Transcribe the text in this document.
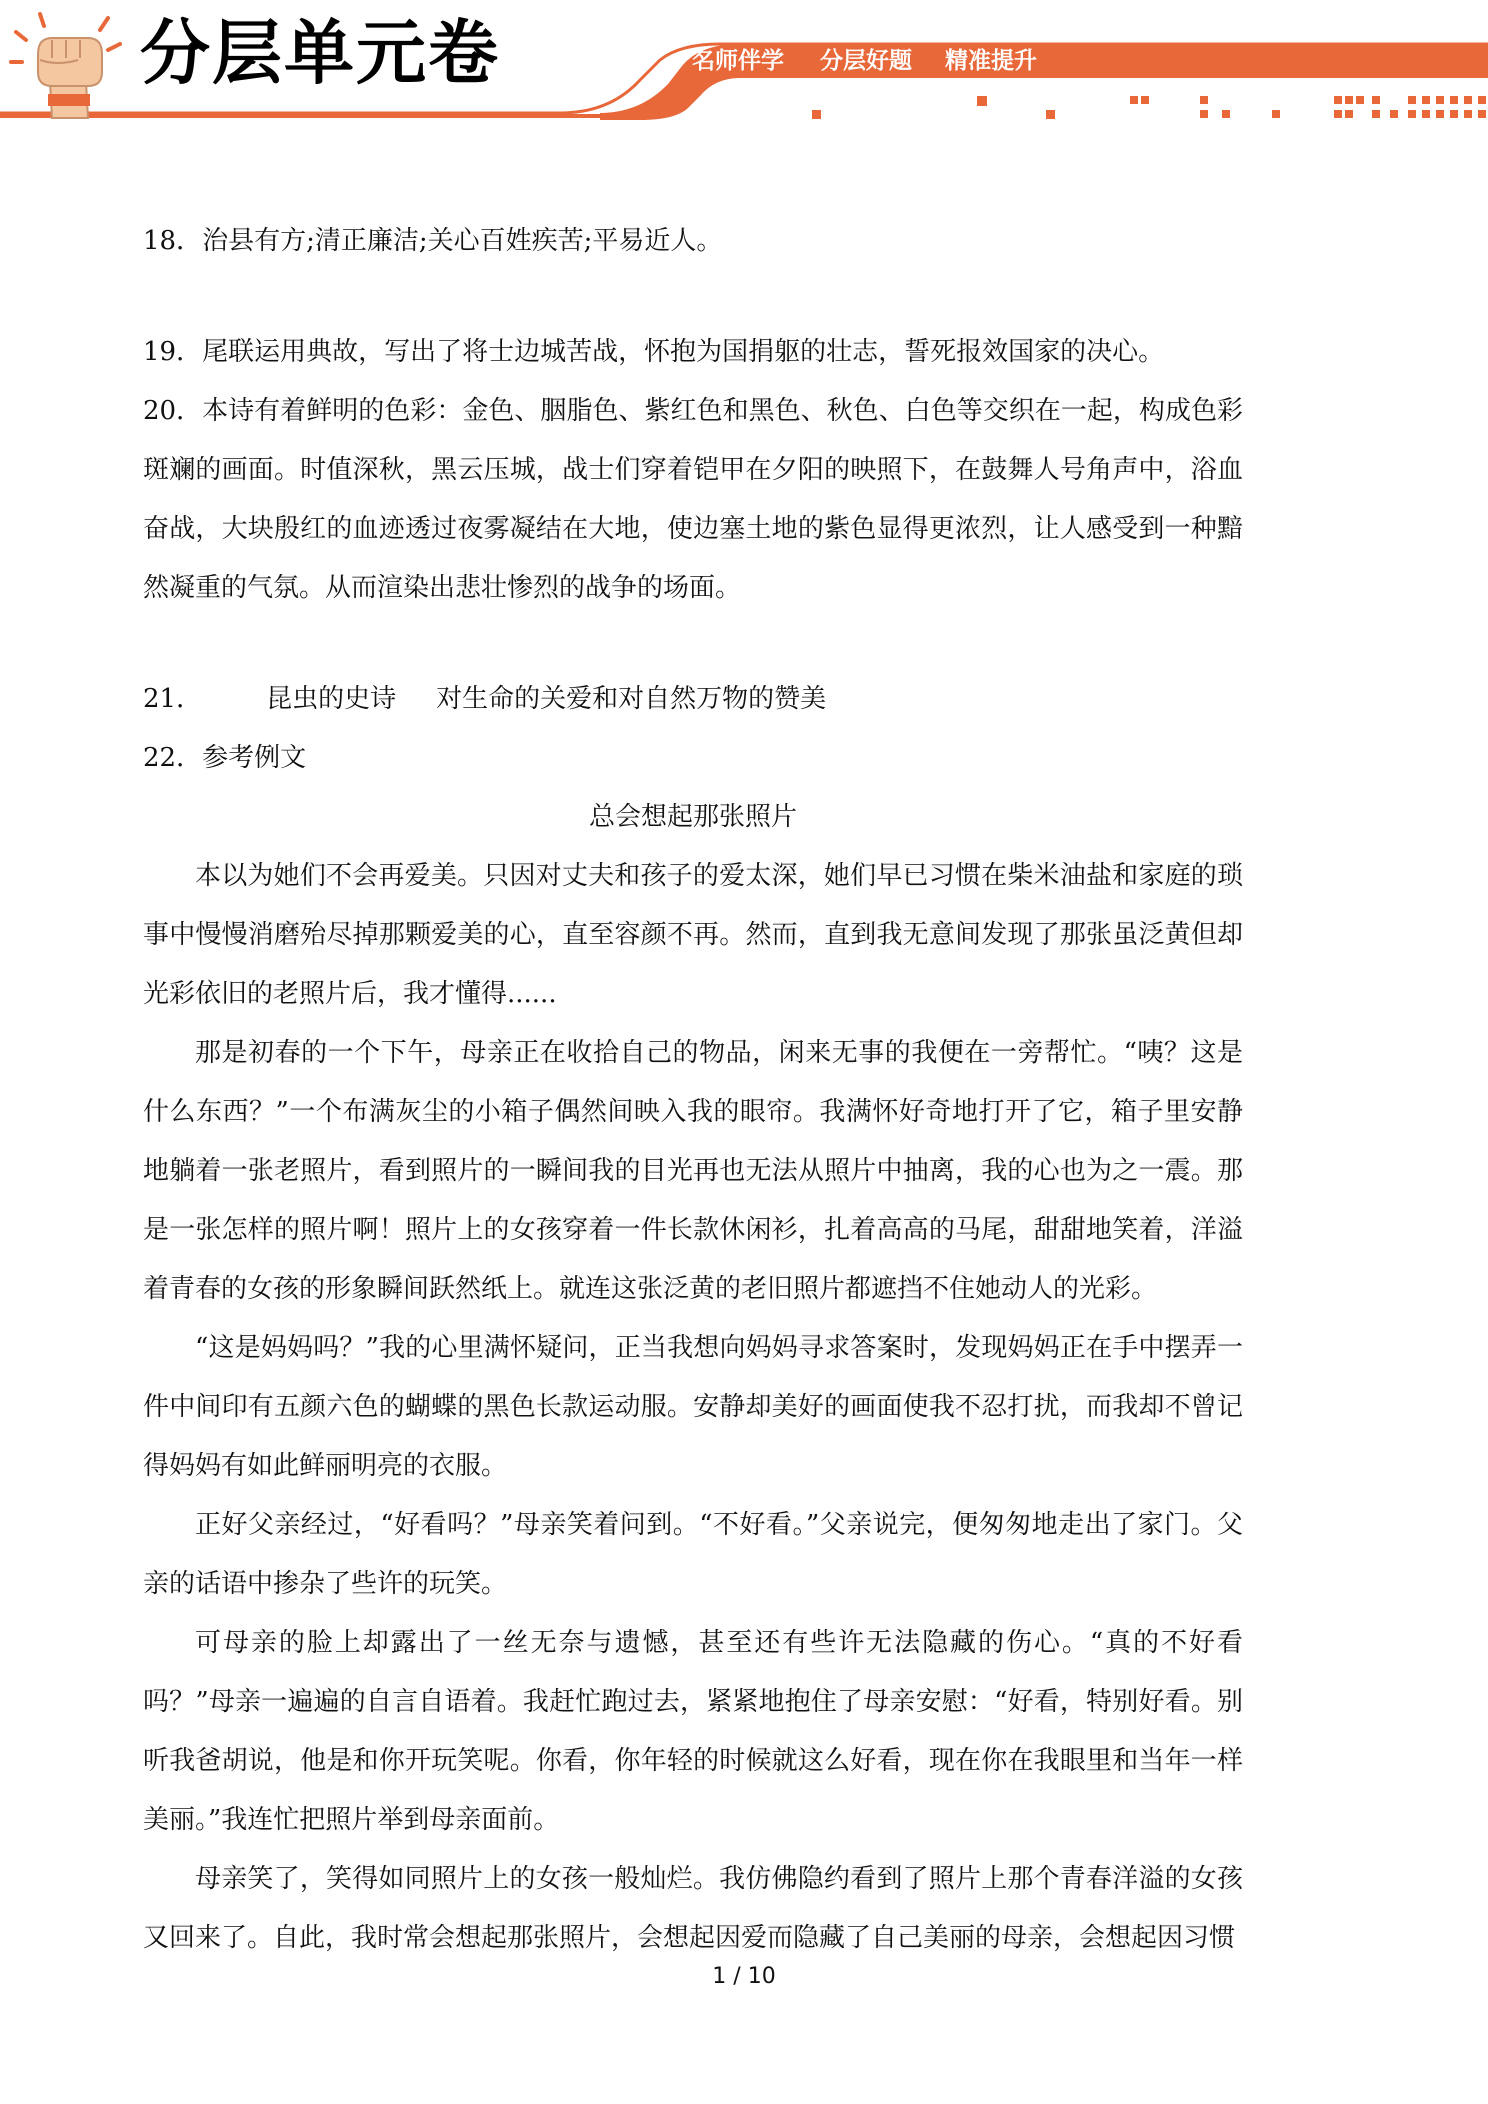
分层单元卷	名师伴学 分层好题 精准提升

18．治县有方;清正廉洁;关心百姓疾苦;平易近人。

19．尾联运用典故，写出了将士边城苦战，怀抱为国捐躯的壮志，誓死报效国家的决心。

20．本诗有着鲜明的色彩：金色、胭脂色、紫红色和黑色、秋色、白色等交织在一起，构成色彩斑斓的画面。时值深秋，黑云压城，战士们穿着铠甲在夕阳的映照下，在鼓舞人号角声中，浴血奋战，大块殷红的血迹透过夜雾凝结在大地，使边塞土地的紫色显得更浓烈，让人感受到一种黯然凝重的气氛。从而渲染出悲壮惨烈的战争的场面。

21． 昆虫的史诗 对生命的关爱和对自然万物的赞美

22．参考例文

总会想起那张照片

本以为她们不会再爱美。只因对丈夫和孩子的爱太深，她们早已习惯在柴米油盐和家庭的琐事中慢慢消磨殆尽掉那颗爱美的心，直至容颜不再。然而，直到我无意间发现了那张虽泛黄但却光彩依旧的老照片后，我才懂得......

那是初春的一个下午，母亲正在收拾自己的物品，闲来无事的我便在一旁帮忙。“咦？这是什么东西？”一个布满灰尘的小箱子偶然间映入我的眼帘。我满怀好奇地打开了它，箱子里安静地躺着一张老照片，看到照片的一瞬间我的目光再也无法从照片中抽离，我的心也为之一震。那是一张怎样的照片啊！照片上的女孩穿着一件长款休闲衫，扎着高高的马尾，甜甜地笑着，洋溢着青春的女孩的形象瞬间跃然纸上。就连这张泛黄的老旧照片都遮挡不住她动人的光彩。

“这是妈妈吗？”我的心里满怀疑问，正当我想向妈妈寻求答案时，发现妈妈正在手中摆弄一件中间印有五颜六色的蝴蝶的黑色长款运动服。安静却美好的画面使我不忍打扰，而我却不曾记得妈妈有如此鲜丽明亮的衣服。

正好父亲经过，“好看吗？”母亲笑着问到。“不好看。”父亲说完，便匆匆地走出了家门。父亲的话语中掺杂了些许的玩笑。

可母亲的脸上却露出了一丝无奈与遗憾，甚至还有些许无法隐藏的伤心。“真的不好看吗？”母亲一遍遍的自言自语着。我赶忙跑过去，紧紧地抱住了母亲安慰：“好看，特别好看。别听我爸胡说，他是和你开玩笑呢。你看，你年轻的时候就这么好看，现在你在我眼里和当年一样美丽。”我连忙把照片举到母亲面前。

母亲笑了，笑得如同照片上的女孩一般灿烂。我仿佛隐约看到了照片上那个青春洋溢的女孩又回来了。自此，我时常会想起那张照片，会想起因爱而隐藏了自己美丽的母亲，会想起因习惯

1 / 10
